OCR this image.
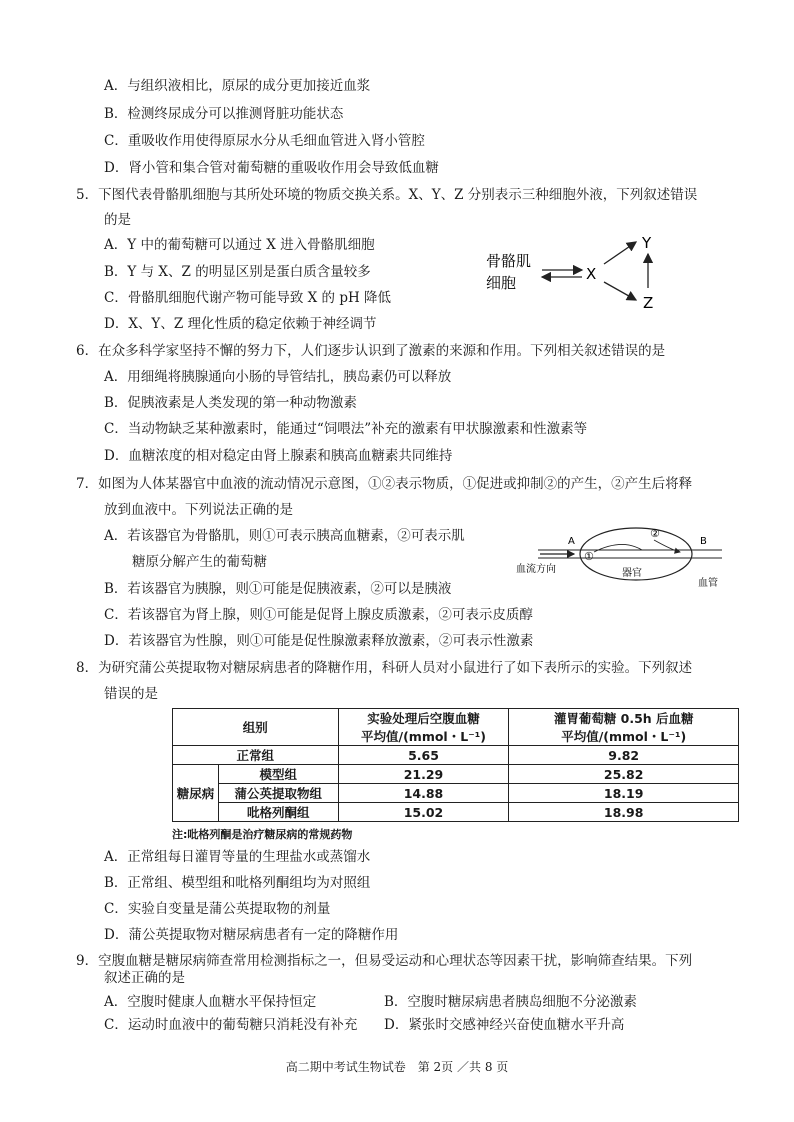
A．与组织液相比，原尿的成分更加接近血浆
B．检测终尿成分可以推测肾脏功能状态
C．重吸收作用使得原尿水分从毛细血管进入肾小管腔
D．肾小管和集合管对葡萄糖的重吸收作用会导致低血糖
5．下图代表骨骼肌细胞与其所处环境的物质交换关系。X、Y、Z 分别表示三种细胞外液，下列叙述错误
的是
A．Y 中的葡萄糖可以通过 X 进入骨骼肌细胞
B．Y 与 X、Z 的明显区别是蛋白质含量较多
C．骨骼肌细胞代谢产物可能导致 X 的 pH 降低
D．X、Y、Z 理化性质的稳定依赖于神经调节
骨骼肌
细胞	X
Y
Z
6．在众多科学家坚持不懈的努力下，人们逐步认识到了激素的来源和作用。下列相关叙述错误的是
A．用细绳将胰腺通向小肠的导管结扎，胰岛素仍可以释放
B．促胰液素是人类发现的第一种动物激素
C．当动物缺乏某种激素时，能通过“饲喂法”补充的激素有甲状腺激素和性激素等
D．血糖浓度的相对稳定由肾上腺素和胰高血糖素共同维持
7．如图为人体某器官中血液的流动情况示意图，①②表示物质，①促进或抑制②的产生，②产生后将释
放到血液中。下列说法正确的是
A．若该器官为骨骼肌，则①可表示胰高血糖素，②可表示肌
糖原分解产生的葡萄糖
B．若该器官为胰腺，则①可能是促胰液素，②可以是胰液
C．若该器官为肾上腺，则①可能是促肾上腺皮质激素，②可表示皮质醇
D．若该器官为性腺，则①可能是促性腺激素释放激素，②可表示性激素
A	B
①
②
血流方向	器官
血管
8．为研究蒲公英提取物对糖尿病患者的降糖作用，科研人员对小鼠进行了如下表所示的实验。下列叙述
错误的是
组别		实验处理后空腹血糖	灌胃葡萄糖 0.5h 后血糖
		平均值/(mmol・L⁻¹)	平均值/(mmol・L⁻¹)
正常组		5.65	9.82
糖尿病	模型组	21.29	25.82
	蒲公英提取物组	14.88	18.19
	吡格列酮组	15.02	18.98
注:吡格列酮是治疗糖尿病的常规药物
A．正常组每日灌胃等量的生理盐水或蒸馏水
B．正常组、模型组和吡格列酮组均为对照组
C．实验自变量是蒲公英提取物的剂量
D．蒲公英提取物对糖尿病患者有一定的降糖作用
9．空腹血糖是糖尿病筛查常用检测指标之一，但易受运动和心理状态等因素干扰，影响筛查结果。下列
叙述正确的是
A．空腹时健康人血糖水平保持恒定	B．空腹时糖尿病患者胰岛细胞不分泌激素
C．运动时血液中的葡萄糖只消耗没有补充 D．紧张时交感神经兴奋使血糖水平升高
高二期中考试生物试卷　第 2页 ／共 8 页
